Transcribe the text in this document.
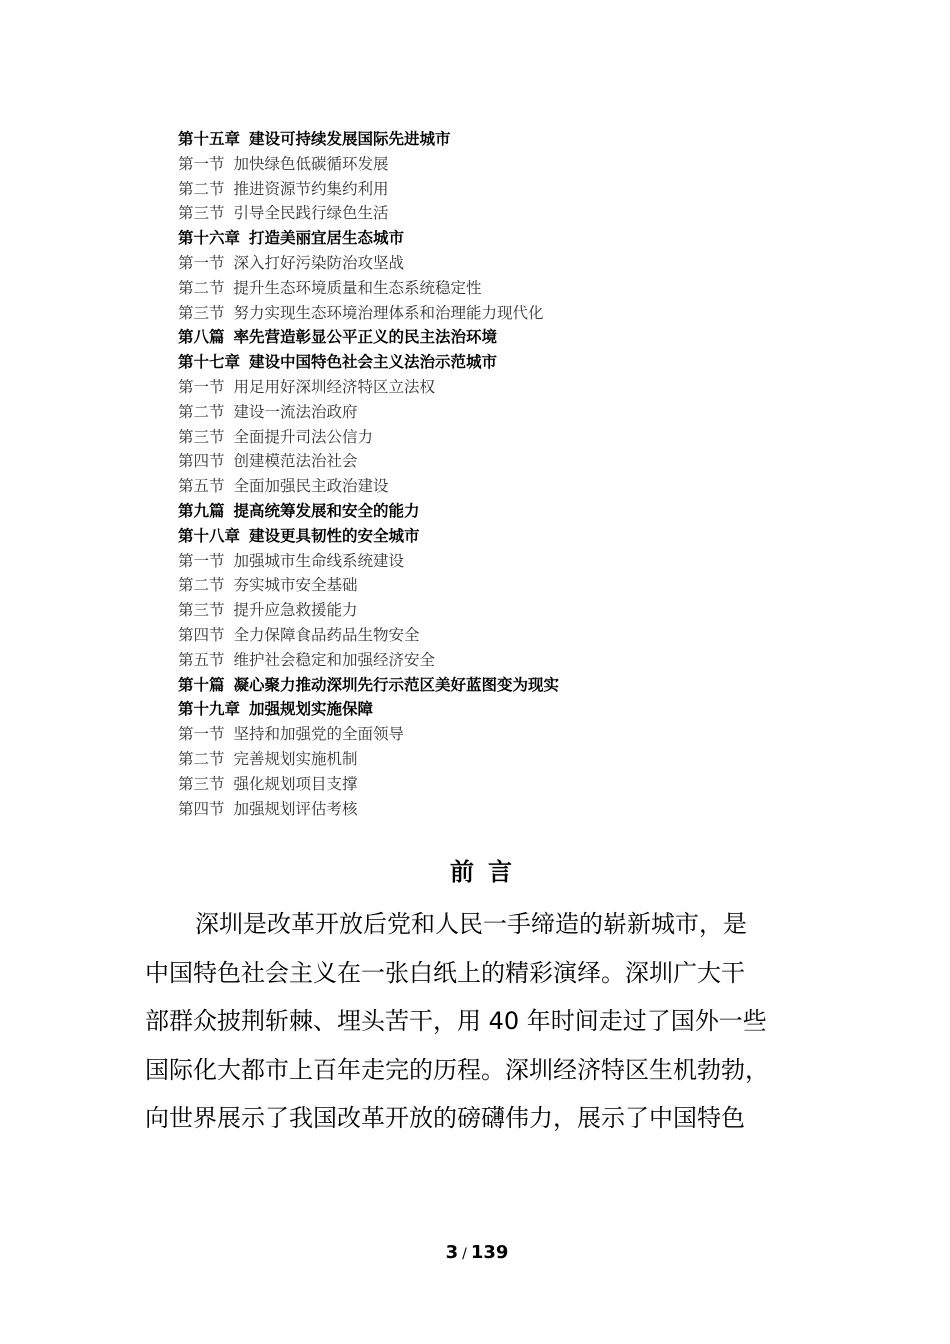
第十五章 建设可持续发展国际先进城市
第一节 加快绿色低碳循环发展
第二节 推进资源节约集约利用
第三节 引导全民践行绿色生活
第十六章 打造美丽宜居生态城市
第一节 深入打好污染防治攻坚战
第二节 提升生态环境质量和生态系统稳定性
第三节 努力实现生态环境治理体系和治理能力现代化
第八篇 率先营造彰显公平正义的民主法治环境
第十七章 建设中国特色社会主义法治示范城市
第一节 用足用好深圳经济特区立法权
第二节 建设一流法治政府
第三节 全面提升司法公信力
第四节 创建模范法治社会
第五节 全面加强民主政治建设
第九篇 提高统筹发展和安全的能力
第十八章 建设更具韧性的安全城市
第一节 加强城市生命线系统建设
第二节 夯实城市安全基础
第三节 提升应急救援能力
第四节 全力保障食品药品生物安全
第五节 维护社会稳定和加强经济安全
第十篇 凝心聚力推动深圳先行示范区美好蓝图变为现实
第十九章 加强规划实施保障
第一节 坚持和加强党的全面领导
第二节 完善规划实施机制
第三节 强化规划项目支撑
第四节 加强规划评估考核
前言
深圳是改革开放后党和人民一手缔造的崭新城市，是
中国特色社会主义在一张白纸上的精彩演绎。深圳广大干
部群众披荆斩棘、埋头苦干，用 40 年时间走过了国外一些
国际化大都市上百年走完的历程。深圳经济特区生机勃勃，
向世界展示了我国改革开放的磅礴伟力，展示了中国特色
3 / 139
